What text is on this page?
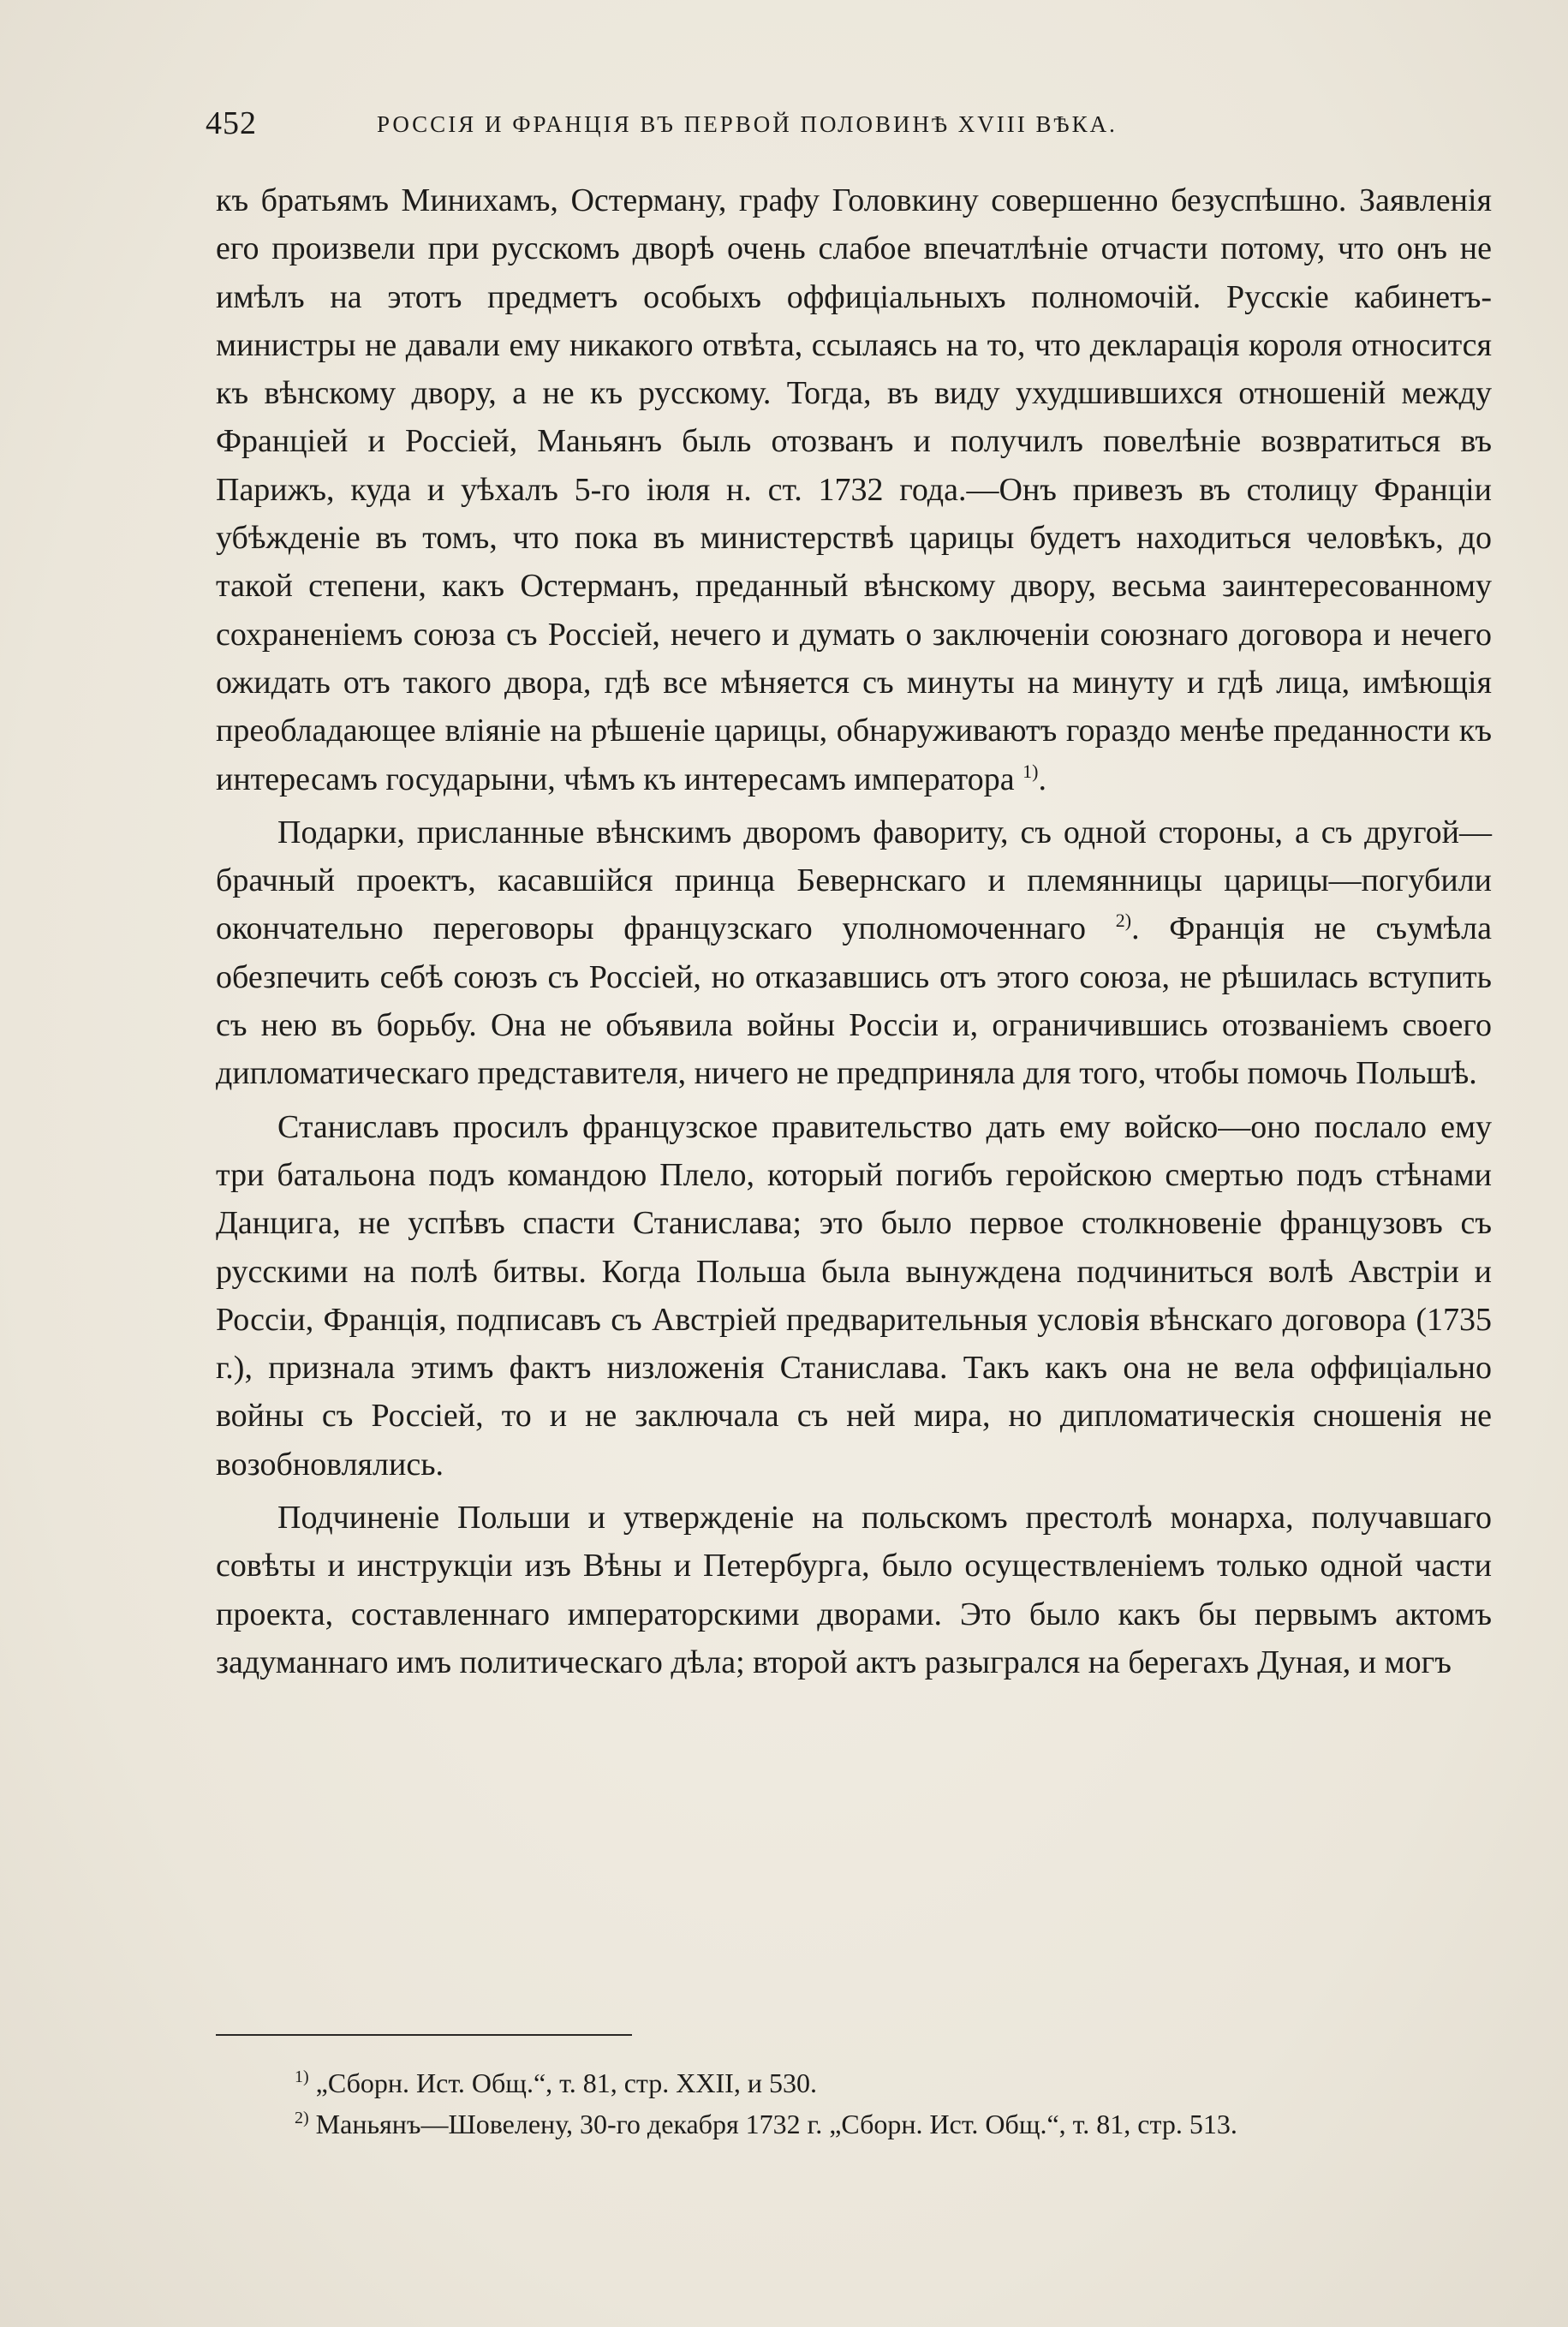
452	РОССІЯ И ФРАНЦІЯ ВЪ ПЕРВОЙ ПОЛОВИНѢ XVIII ВѢКА.

къ братьямъ Минихамъ, Остерману, графу Головкину совершенно безуспѣшно. Заявленія его произвели при русскомъ дворѣ очень слабое впечатлѣніе отчасти потому, что онъ не имѣлъ на этотъ предметъ особыхъ оффиціальныхъ полномочій. Русскіе кабинетъ-министры не давали ему никакого отвѣта, ссылаясь на то, что декларація короля относится къ вѣнскому двору, а не къ русскому. Тогда, въ виду ухудшившихся отношеній между Франціей и Россіей, Маньянъ быль отозванъ и получилъ повелѣніе возвратиться въ Парижъ, куда и уѣхалъ 5-го іюля н. ст. 1732 года.—Онъ привезъ въ столицу Франціи убѣжденіе въ томъ, что пока въ министерствѣ царицы будетъ находиться человѣкъ, до такой степени, какъ Остерманъ, преданный вѣнскому двору, весьма заинтересованному сохраненіемъ союза съ Россіей, нечего и думать о заключеніи союзнаго договора и нечего ожидать отъ такого двора, гдѣ все мѣняется съ минуты на минуту и гдѣ лица, имѣющія преобладающее вліяніе на рѣшеніе царицы, обнаруживаютъ гораздо менѣе преданности къ интересамъ государыни, чѣмъ къ интересамъ императора $^{1)}$.

Подарки, присланные вѣнскимъ дворомъ фавориту, съ одной стороны, а съ другой—брачный проектъ, касавшійся принца Бевернскаго и племянницы царицы—погубили окончательно переговоры французскаго уполномоченнаго $^{2)}$. Франція не съумѣла обезпечить себѣ союзъ съ Россіей, но отказавшись отъ этого союза, не рѣшилась вступить съ нею въ борьбу. Она не объявила войны Россіи и, ограничившись отозваніемъ своего дипломатическаго представителя, ничего не предприняла для того, чтобы помочь Польшѣ.

Станиславъ просилъ французское правительство дать ему войско—оно послало ему три батальона подъ командою Плело, который погибъ геройскою смертью подъ стѣнами Данцига, не успѣвъ спасти Станислава; это было первое столкновеніе французовъ съ русскими на полѣ битвы. Когда Польша была вынуждена подчиниться волѣ Австріи и Россіи, Франція, подписавъ съ Австріей предварительныя условія вѣнскаго договора (1735 г.), признала этимъ фактъ низложенія Станислава. Такъ какъ она не вела оффиціально войны съ Россіей, то и не заключала съ ней мира, но дипломатическія сношенія не возобновлялись.

Подчиненіе Польши и утвержденіе на польскомъ престолѣ монарха, получавшаго совѣты и инструкціи изъ Вѣны и Петербурга, было осуществленіемъ только одной части проекта, составленнаго императорскими дворами. Это было какъ бы первымъ актомъ задуманнаго имъ политическаго дѣла; второй актъ разыгрался на берегахъ Дуная, и могъ

$^{1)}$ „Сборн. Ист. Общ.“, т. 81, стр. XXII, и 530.

$^{2)}$ Маньянъ—Шовелену, 30-го декабря 1732 г. „Сборн. Ист. Общ.“, т. 81, стр. 513.
